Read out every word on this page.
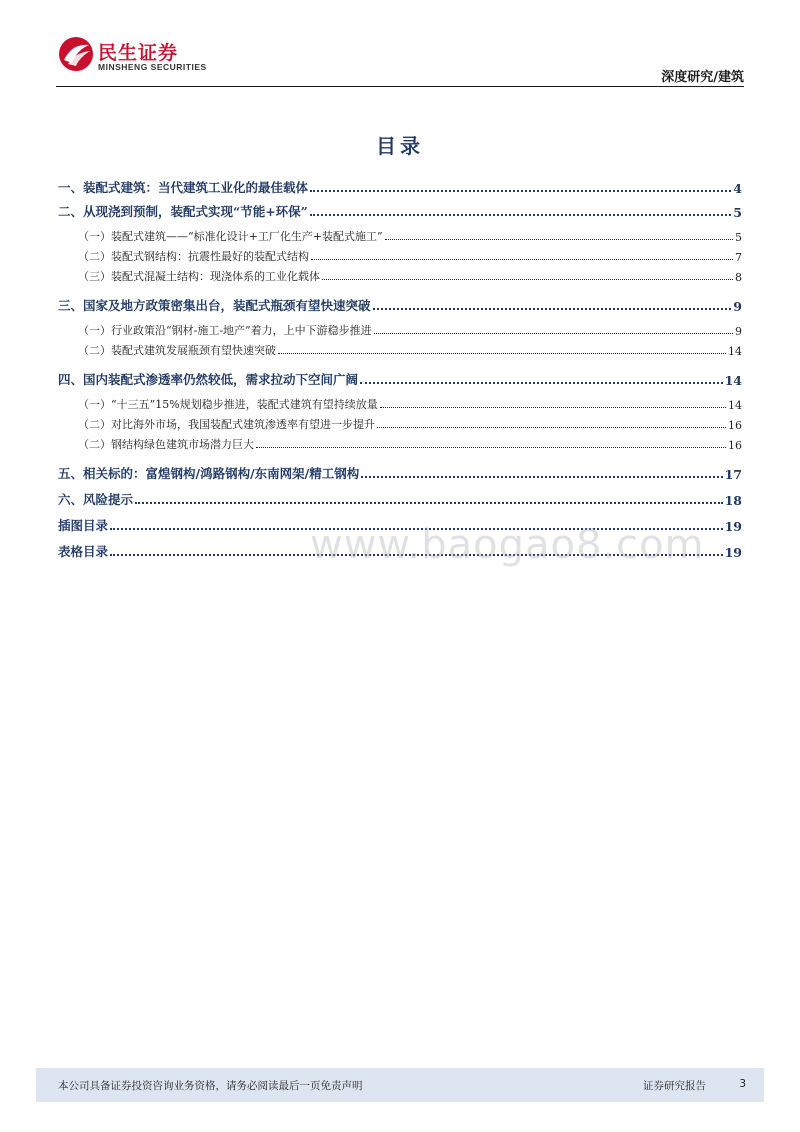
民生证券
MINSHENG SECURITIES
深度研究/建筑
目录
一、装配式建筑：当代建筑工业化的最佳载体	4
二、从现浇到预制，装配式实现“节能+环保”	5
（一）装配式建筑——“标准化设计+工厂化生产+装配式施工”	5
（二）装配式钢结构：抗震性最好的装配式结构	7
（三）装配式混凝土结构：现浇体系的工业化载体	8
三、国家及地方政策密集出台，装配式瓶颈有望快速突破	9
（一）行业政策沿“钢材-施工-地产”着力，上中下游稳步推进	9
（二）装配式建筑发展瓶颈有望快速突破	14
四、国内装配式渗透率仍然较低，需求拉动下空间广阔	14
（一）“十三五”15%规划稳步推进，装配式建筑有望持续放量	14
（二）对比海外市场，我国装配式建筑渗透率有望进一步提升	16
（二）钢结构绿色建筑市场潜力巨大	16
五、相关标的：富煌钢构/鸿路钢构/东南网架/精工钢构	17
六、风险提示	18
插图目录	19
表格目录	19
www.baogao8.com
本公司具备证券投资咨询业务资格，请务必阅读最后一页免责声明	证券研究报告	3
